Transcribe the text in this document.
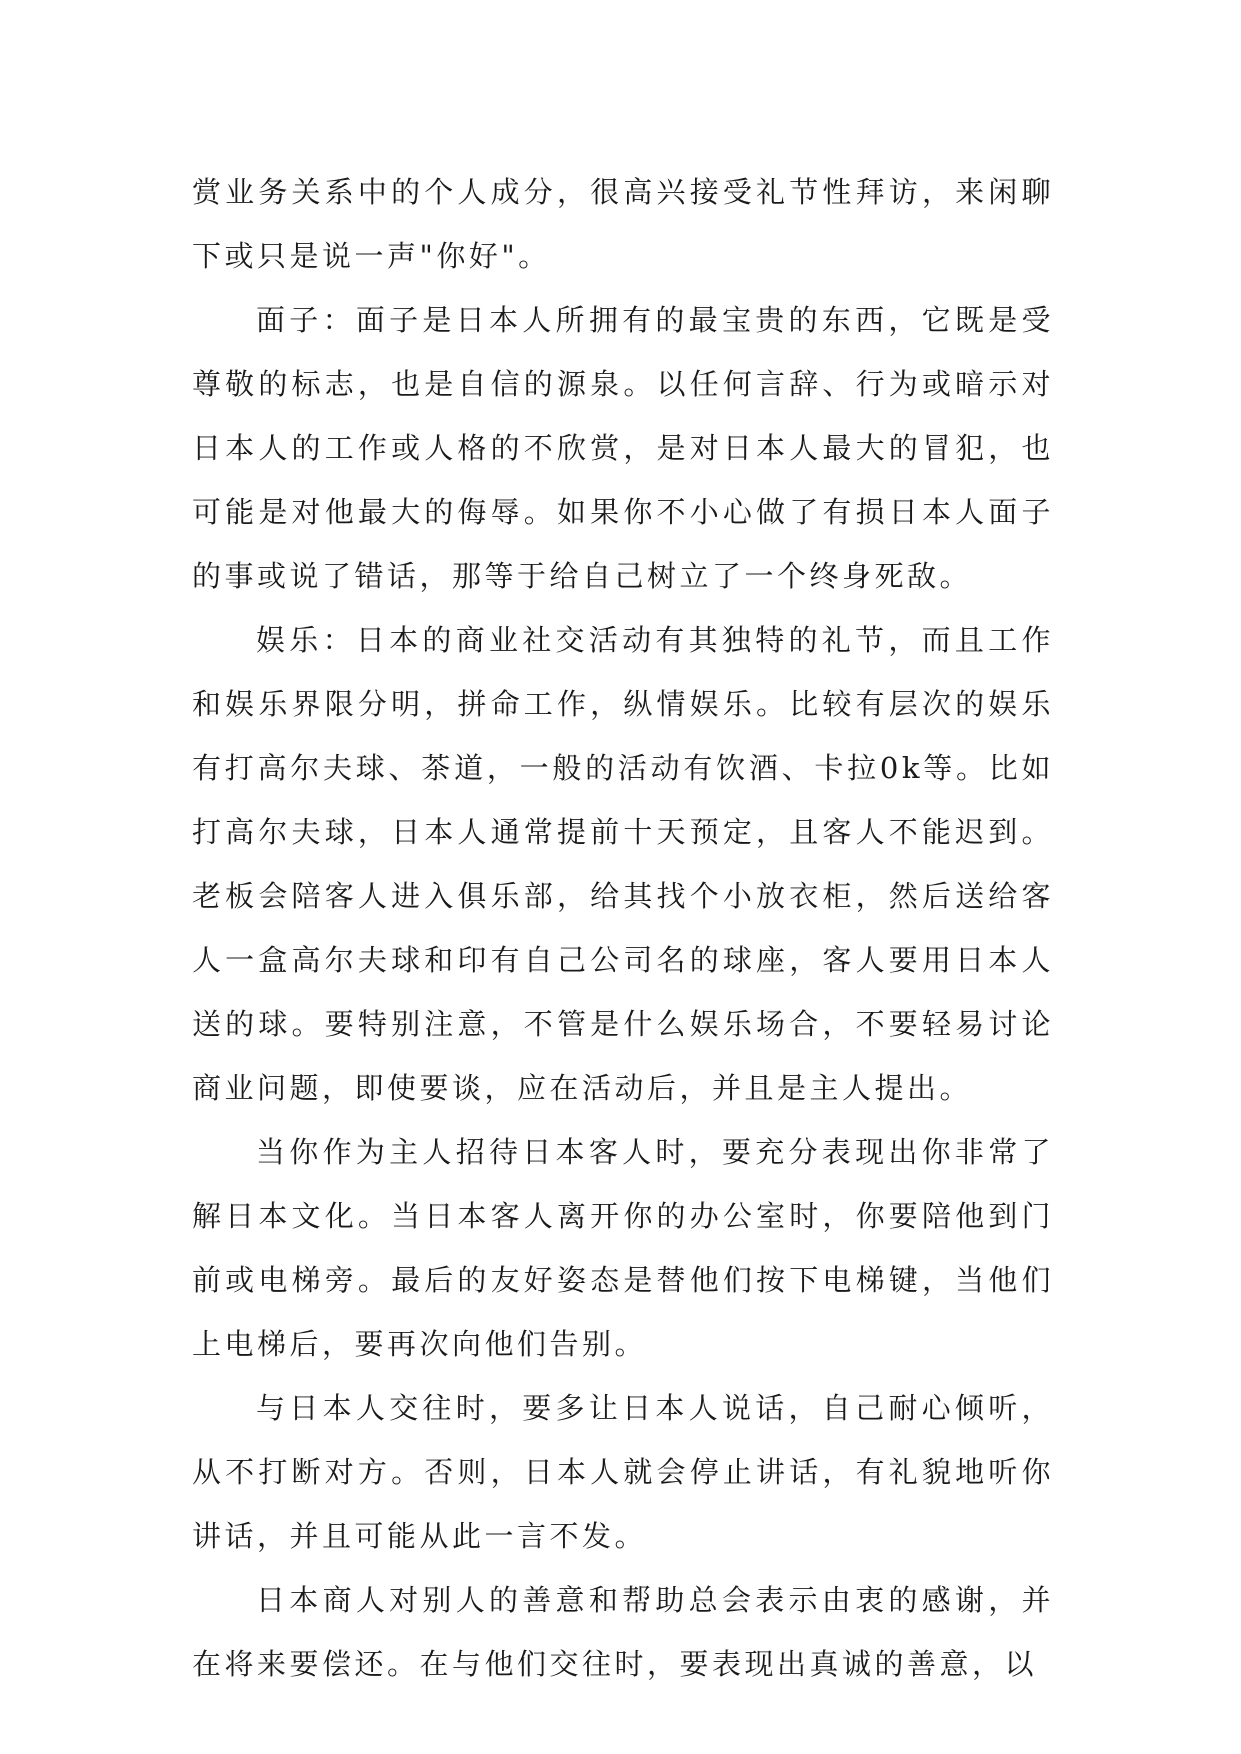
赏业务关系中的个人成分，很高兴接受礼节性拜访，来闲聊下或只是说一声"你好"。

面子：面子是日本人所拥有的最宝贵的东西，它既是受尊敬的标志，也是自信的源泉。以任何言辞、行为或暗示对日本人的工作或人格的不欣赏，是对日本人最大的冒犯，也可能是对他最大的侮辱。如果你不小心做了有损日本人面子的事或说了错话，那等于给自己树立了一个终身死敌。

娱乐：日本的商业社交活动有其独特的礼节，而且工作和娱乐界限分明，拼命工作，纵情娱乐。比较有层次的娱乐有打高尔夫球、茶道，一般的活动有饮酒、卡拉0k等。比如打高尔夫球，日本人通常提前十天预定，且客人不能迟到。老板会陪客人进入俱乐部，给其找个小放衣柜，然后送给客人一盒高尔夫球和印有自己公司名的球座，客人要用日本人送的球。要特别注意，不管是什么娱乐场合，不要轻易讨论商业问题，即使要谈，应在活动后，并且是主人提出。

当你作为主人招待日本客人时，要充分表现出你非常了解日本文化。当日本客人离开你的办公室时，你要陪他到门前或电梯旁。最后的友好姿态是替他们按下电梯键，当他们上电梯后，要再次向他们告别。

与日本人交往时，要多让日本人说话，自己耐心倾听，从不打断对方。否则，日本人就会停止讲话，有礼貌地听你讲话，并且可能从此一言不发。

日本商人对别人的善意和帮助总会表示由衷的感谢，并在将来要偿还。在与他们交往时，要表现出真诚的善意，以
